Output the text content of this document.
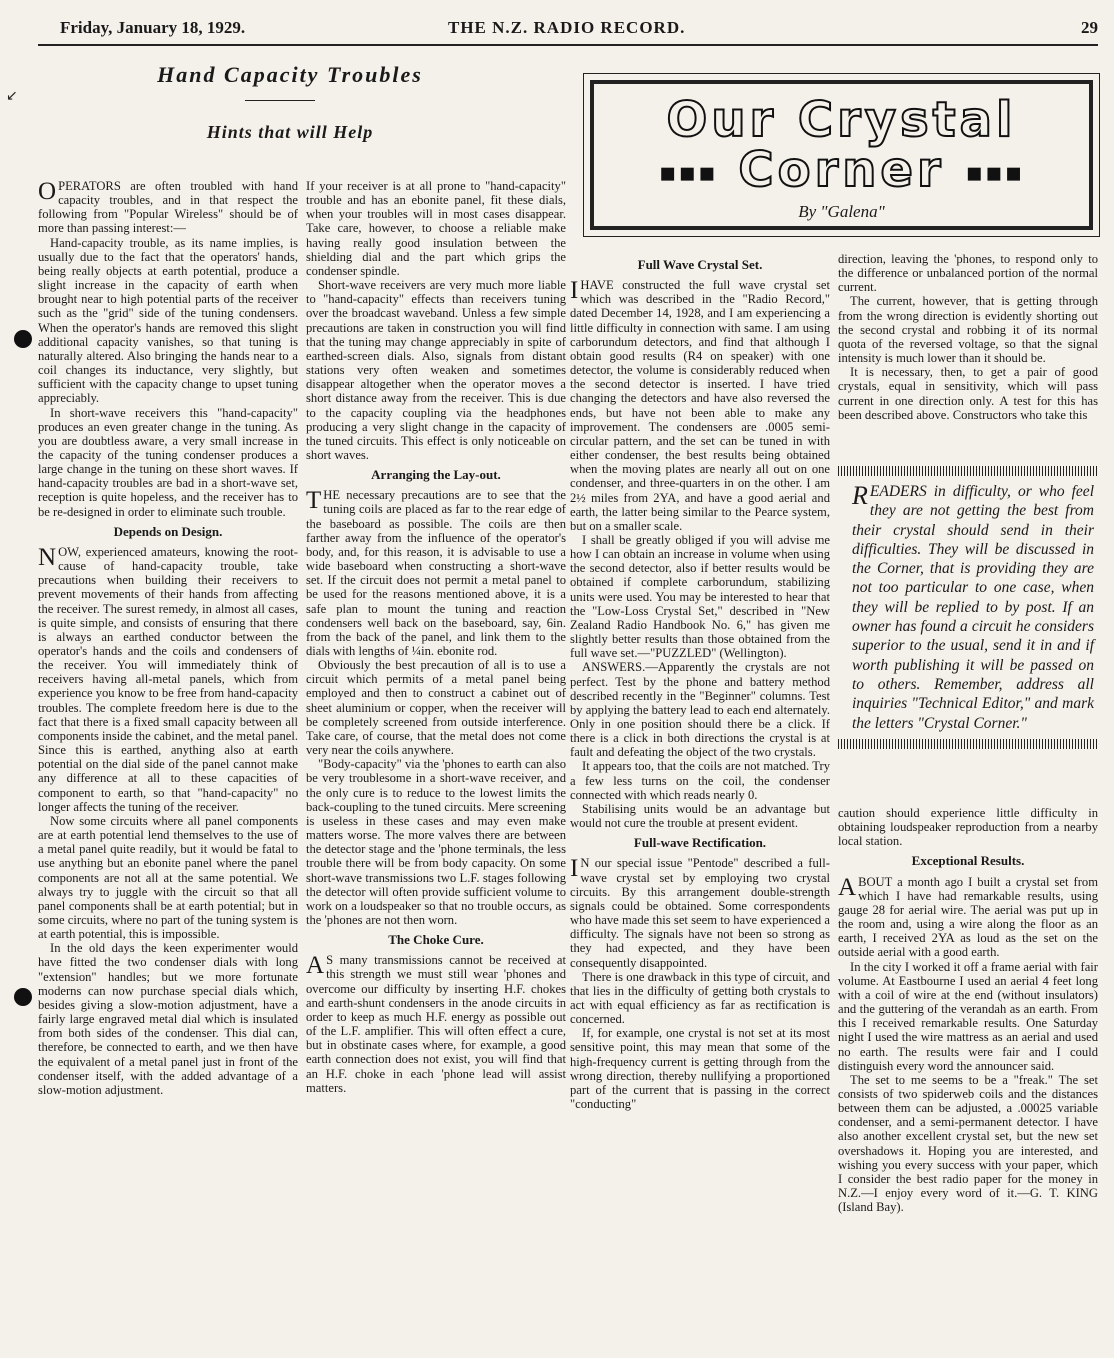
Friday, January 18, 1929.	THE N.Z. RADIO RECORD.	29
Hand Capacity Troubles
Hints that will Help

OPERATORS are often troubled with hand capacity troubles, and in that respect the following from "Popular Wireless" should be of more than passing interest:—

Hand-capacity trouble, as its name implies, is usually due to the fact that the operators' hands, being really objects at earth potential, produce a slight increase in the capacity of earth when brought near to high potential parts of the receiver such as the "grid" side of the tuning condensers. When the operator's hands are removed this slight additional capacity vanishes, so that tuning is naturally altered. Also bringing the hands near to a coil changes its inductance, very slightly, but sufficient with the capacity change to upset tuning appreciably.

In short-wave receivers this "hand-capacity" produces an even greater change in the tuning. As you are doubtless aware, a very small increase in the capacity of the tuning condenser produces a large change in the tuning on these short waves. If hand-capacity troubles are bad in a short-wave set, reception is quite hopeless, and the receiver has to be re-designed in order to eliminate such trouble.

Depends on Design.

NOW, experienced amateurs, knowing the root-cause of hand-capacity trouble, take precautions when building their receivers to prevent movements of their hands from affecting the receiver. The surest remedy, in almost all cases, is quite simple, and consists of ensuring that there is always an earthed conductor between the operator's hands and the coils and condensers of the receiver. You will immediately think of receivers having all-metal panels, which from experience you know to be free from hand-capacity troubles. The complete freedom here is due to the fact that there is a fixed small capacity between all components inside the cabinet, and the metal panel. Since this is earthed, anything also at earth potential on the dial side of the panel cannot make any difference at all to these capacities of component to earth, so that "hand-capacity" no longer affects the tuning of the receiver.

Now some circuits where all panel components are at earth potential lend themselves to the use of a metal panel quite readily, but it would be fatal to use anything but an ebonite panel where the panel components are not all at the same potential. We always try to juggle with the circuit so that all panel components shall be at earth potential; but in some circuits, where no part of the tuning system is at earth potential, this is impossible.

In the old days the keen experimenter would have fitted the two condenser dials with long "extension" handles; but we more fortunate moderns can now purchase special dials which, besides giving a slow-motion adjustment, have a fairly large engraved metal dial which is insulated from both sides of the condenser. This dial can, therefore, be connected to earth, and we then have the equivalent of a metal panel just in front of the condenser itself, with the added advantage of a slow-motion adjustment.

If your receiver is at all prone to "hand-capacity" trouble and has an ebonite panel, fit these dials, when your troubles will in most cases disappear. Take care, however, to choose a reliable make having really good insulation between the shielding dial and the part which grips the condenser spindle.

Short-wave receivers are very much more liable to "hand-capacity" effects than receivers tuning over the broadcast waveband. Unless a few simple precautions are taken in construction you will find that the tuning may change appreciably in spite of earthed-screen dials. Also, signals from distant stations very often weaken and sometimes disappear altogether when the operator moves a short distance away from the receiver. This is due to the capacity coupling via the headphones producing a very slight change in the capacity of the tuned circuits. This effect is only noticeable on short waves.

Arranging the Lay-out.

THE necessary precautions are to see that the tuning coils are placed as far to the rear edge of the baseboard as possible. The coils are then farther away from the influence of the operator's body, and, for this reason, it is advisable to use a wide baseboard when constructing a short-wave set. If the circuit does not permit a metal panel to be used for the reasons mentioned above, it is a safe plan to mount the tuning and reaction condensers well back on the baseboard, say, 6in. from the back of the panel, and link them to the dials with lengths of ¼in. ebonite rod.

Obviously the best precaution of all is to use a circuit which permits of a metal panel being employed and then to construct a cabinet out of sheet aluminium or copper, when the receiver will be completely screened from outside interference. Take care, of course, that the metal does not come very near the coils anywhere.

"Body-capacity" via the 'phones to earth can also be very troublesome in a short-wave receiver, and the only cure is to reduce to the lowest limits the back-coupling to the tuned circuits. Mere screening is useless in these cases and may even make matters worse. The more valves there are between the detector stage and the 'phone terminals, the less trouble there will be from body capacity. On some short-wave transmissions two L.F. stages following the detector will often provide sufficient volume to work on a loudspeaker so that no trouble occurs, as the 'phones are not then worn.

The Choke Cure.

A S many transmissions cannot be received at this strength we must still wear 'phones and overcome our difficulty by inserting H.F. chokes and earth-shunt condensers in the anode circuits in order to keep as much H.F. energy as possible out of the L.F. amplifier. This will often effect a cure, but in obstinate cases where, for example, a good earth connection does not exist, you will find that an H.F. choke in each 'phone lead will assist matters.

Our Crystal
▪▪▪ Corner ▪▪▪
By "Galena"
Full Wave Crystal Set.

IHAVE constructed the full wave crystal set which was described in the "Radio Record," dated December 14, 1928, and I am experiencing a little difficulty in connection with same. I am using carborundum detectors, and find that although I obtain good results (R4 on speaker) with one detector, the volume is considerably reduced when the second detector is inserted. I have tried changing the detectors and have also reversed the ends, but have not been able to make any improvement. The condensers are .0005 semi-circular pattern, and the set can be tuned in with either condenser, the best results being obtained when the moving plates are nearly all out on one condenser, and three-quarters in on the other. I am 2½ miles from 2YA, and have a good aerial and earth, the latter being similar to the Pearce system, but on a smaller scale.

I shall be greatly obliged if you will advise me how I can obtain an increase in volume when using the second detector, also if better results would be obtained if complete carborundum, stabilizing units were used. You may be interested to hear that the "Low-Loss Crystal Set," described in "New Zealand Radio Handbook No. 6," has given me slightly better results than those obtained from the full wave set.—"PUZZLED" (Wellington).

ANSWERS.—Apparently the crystals are not perfect. Test by the phone and battery method described recently in the "Beginner" columns. Test by applying the battery lead to each end alternately. Only in one position should there be a click. If there is a click in both directions the crystal is at fault and defeating the object of the two crystals.

It appears too, that the coils are not matched. Try a few less turns on the coil, the condenser connected with which reads nearly 0.

Stabilising units would be an advantage but would not cure the trouble at present evident.

Full-wave Rectification.

I N our special issue "Pentode" described a full-wave crystal set by employing two crystal circuits. By this arrangement double-strength signals could be obtained. Some correspondents who have made this set seem to have experienced a difficulty. The signals have not been so strong as they had expected, and they have been consequently disappointed.

There is one drawback in this type of circuit, and that lies in the difficulty of getting both crystals to act with equal efficiency as far as rectification is concerned.

If, for example, one crystal is not set at its most sensitive point, this may mean that some of the high-frequency current is getting through from the wrong direction, thereby nullifying a proportioned part of the current that is passing in the correct "conducting"

direction, leaving the 'phones, to respond only to the difference or unbalanced portion of the normal current.

The current, however, that is getting through from the wrong direction is evidently shorting out the second crystal and robbing it of its normal quota of the reversed voltage, so that the signal intensity is much lower than it should be.

It is necessary, then, to get a pair of good crystals, equal in sensitivity, which will pass current in one direction only. A test for this has been described above. Constructors who take this

READERS in difficulty, or who feel they are not getting the best from their crystal should send in their difficulties. They will be discussed in the Corner, that is providing they are not too particular to one case, when they will be replied to by post. If an owner has found a circuit he considers superior to the usual, send it in and if worth publishing it will be passed on to others. Remember, address all inquiries "Technical Editor," and mark the letters "Crystal Corner."

caution should experience little difficulty in obtaining loudspeaker reproduction from a nearby local station.

Exceptional Results.

ABOUT a month ago I built a crystal set from which I have had remarkable results, using gauge 28 for aerial wire. The aerial was put up in the room and, using a wire along the floor as an earth, I received 2YA as loud as the set on the outside aerial with a good earth.

In the city I worked it off a frame aerial with fair volume. At Eastbourne I used an aerial 4 feet long with a coil of wire at the end (without insulators) and the guttering of the verandah as an earth. From this I received remarkable results. One Saturday night I used the wire mattress as an aerial and used no earth. The results were fair and I could distinguish every word the announcer said.

The set to me seems to be a "freak." The set consists of two spiderweb coils and the distances between them can be adjusted, a .00025 variable condenser, and a semi-permanent detector. I have also another excellent crystal set, but the new set overshadows it. Hoping you are interested, and wishing you every success with your paper, which I consider the best radio paper for the money in N.Z.—I enjoy every word of it.—G. T. KING (Island Bay).

↙
